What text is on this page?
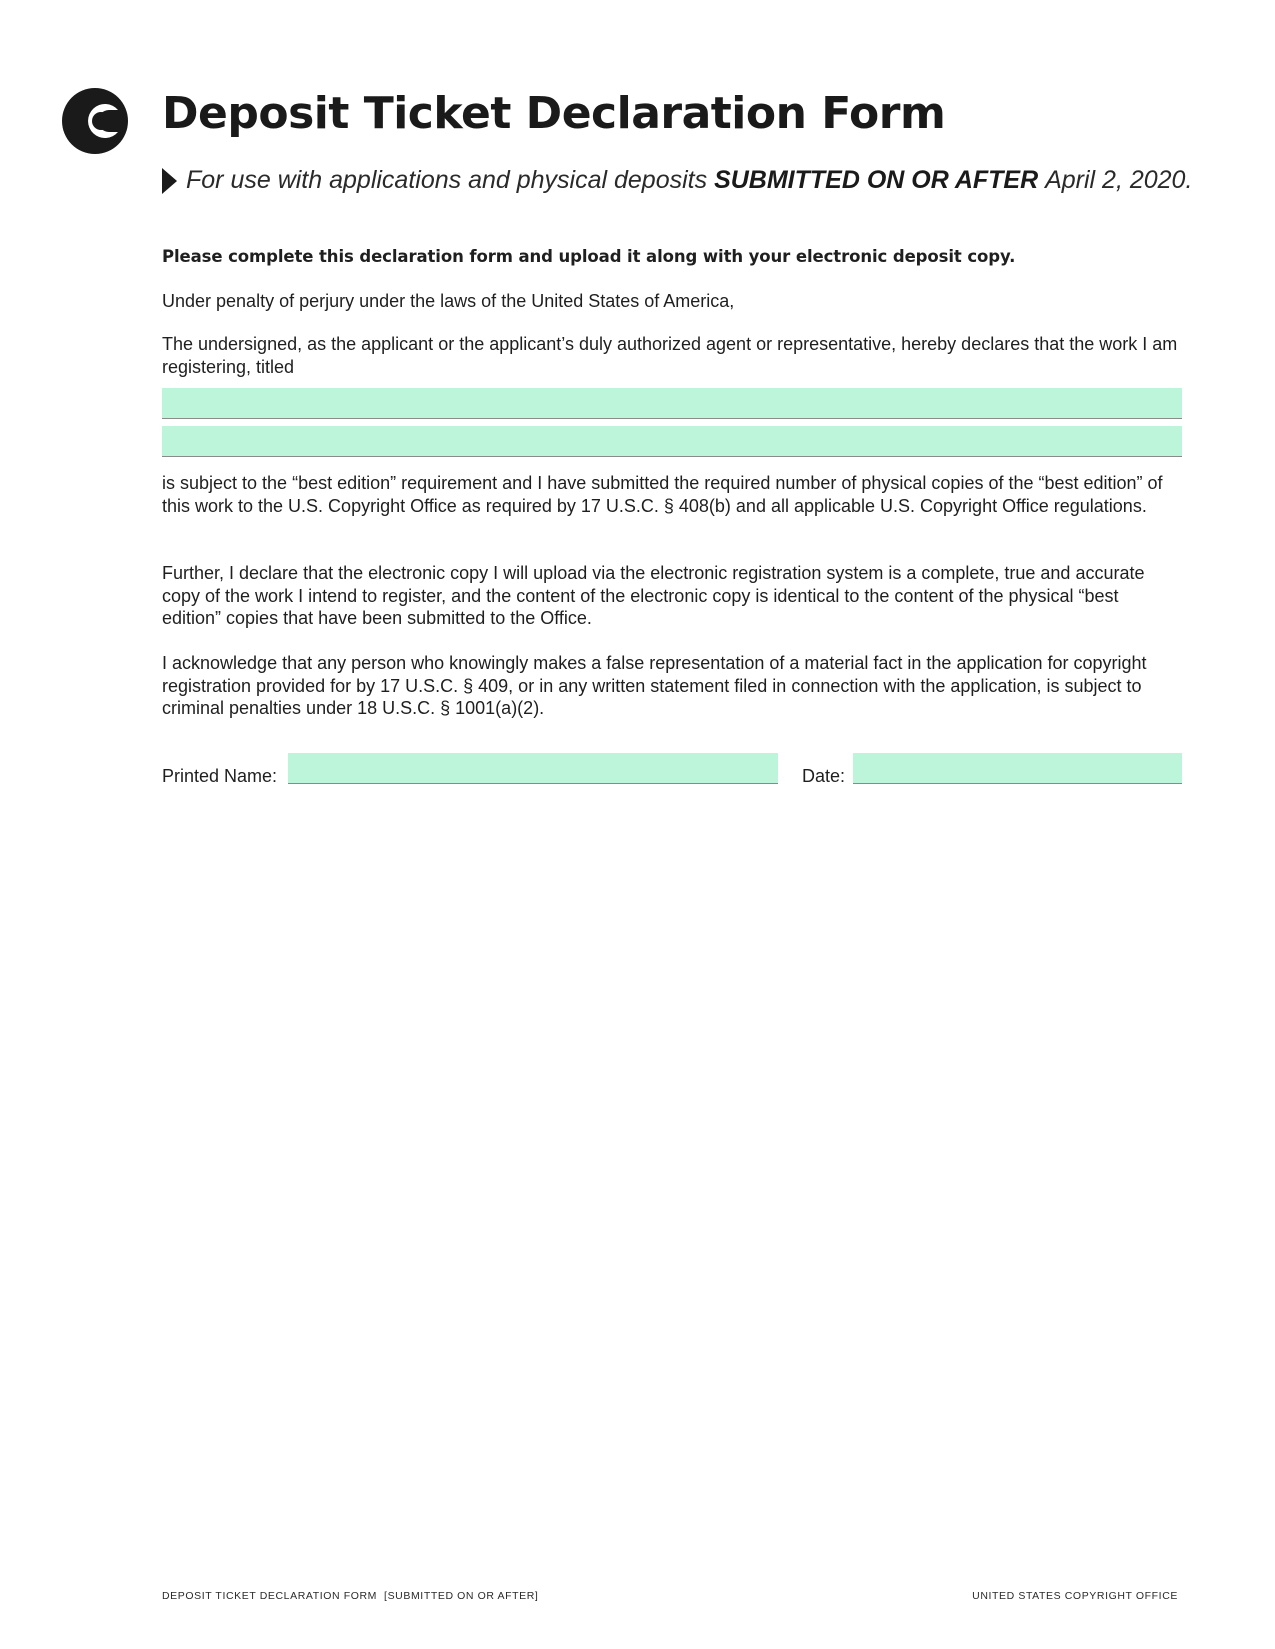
Deposit Ticket Declaration Form
For use with applications and physical deposits
SUBMITTED ON OR AFTER
April 2, 2020.

Please complete this declaration form and upload it along with your electronic deposit copy.

Under penalty of perjury under the laws of the United States of America,

The undersigned, as the applicant or the applicant’s duly authorized agent or representative, hereby declares that the work I am registering, titled

is subject to the “best edition” requirement and I have submitted the required number of physical copies of the “best edition” of this work to the U.S. Copyright Office as required by 17 U.S.C. § 408(b) and all applicable U.S. Copyright Office regulations.

Further, I declare that the electronic copy I will upload via the electronic registration system is a complete, true and accurate copy of the work I intend to register, and the content of the electronic copy is identical to the content of the physical “best edition” copies that have been submitted to the Office.

I acknowledge that any person who knowingly makes a false representation of a material fact in the application for copyright registration provided for by 17 U.S.C. § 409, or in any written statement filed in connection with the application, is subject to criminal penalties under 18 U.S.C. § 1001(a)(2).

Printed Name:	Date:
DEPOSIT TICKET DECLARATION FORM  [SUBMITTED ON OR AFTER]	UNITED STATES COPYRIGHT OFFICE
